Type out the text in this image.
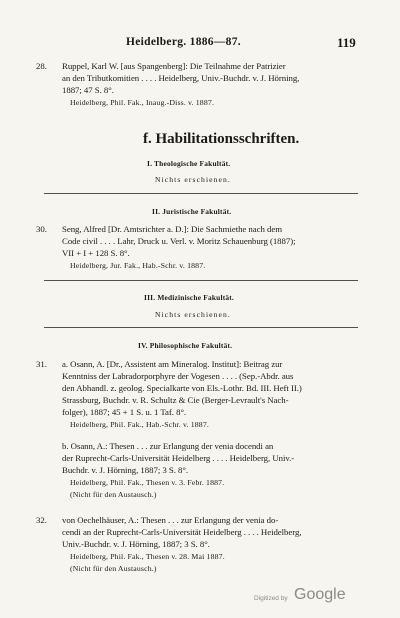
Heidelberg. 1886—87.	119
28. Ruppel, Karl W. [aus Spangenberg]: Die Teilnahme der Patrizier
an den Tributkomitien . . . . Heidelberg, Univ.-Buchdr. v. J. Hörning,
1887; 47 S. 8°.
Heidelberg, Phil. Fak., Inaug.-Diss. v. 1887.
f. Habilitationsschriften.
I. Theologische Fakultät.
Nichts erschienen.
II. Juristische Fakultät.
30. Seng, Alfred [Dr. Amtsrichter a. D.]: Die Sachmiethe nach dem
Code civil . . . . Lahr, Druck u. Verl. v. Moritz Schauenburg (1887);
VII + I + 128 S. 8°.
Heidelberg, Jur. Fak., Hab.-Schr. v. 1887.
III. Medizinische Fakultät.
Nichts erschienen.
IV. Philosophische Fakultät.
31. a. Osann, A. [Dr., Assistent am Mineralog. Institut]: Beitrag zur
Kenntniss der Labradorporphyre der Vogesen . . . . (Sep.-Abdr. aus
den Abhandl. z. geolog. Specialkarte von Els.-Lothr. Bd. III. Heft II.)
Strassburg, Buchdr. v. R. Schultz & Cie (Berger-Levrault's Nach-
folger), 1887; 45 + 1 S. u. 1 Taf. 8°.
Heidelberg, Phil. Fak., Hab.-Schr. v. 1887.
b. Osann, A.: Thesen . . . zur Erlangung der venia docendi an
der Ruprecht-Carls-Universität Heidelberg . . . . Heidelberg, Univ.-
Buchdr. v. J. Hörning, 1887; 3 S. 8°.
Heidelberg, Phil. Fak., Thesen v. 3. Febr. 1887.
(Nicht für den Austausch.)
32. von Oechelhäuser, A.: Thesen . . . zur Erlangung der venia do-
cendi an der Ruprecht-Carls-Universität Heidelberg . . . . Heidelberg,
Univ.-Buchdr. v. J. Hörning, 1887; 3 S. 8°.
Heidelberg, Phil. Fak., Thesen v. 28. Mai 1887.
(Nicht für den Austausch.)
Digitized by Google
